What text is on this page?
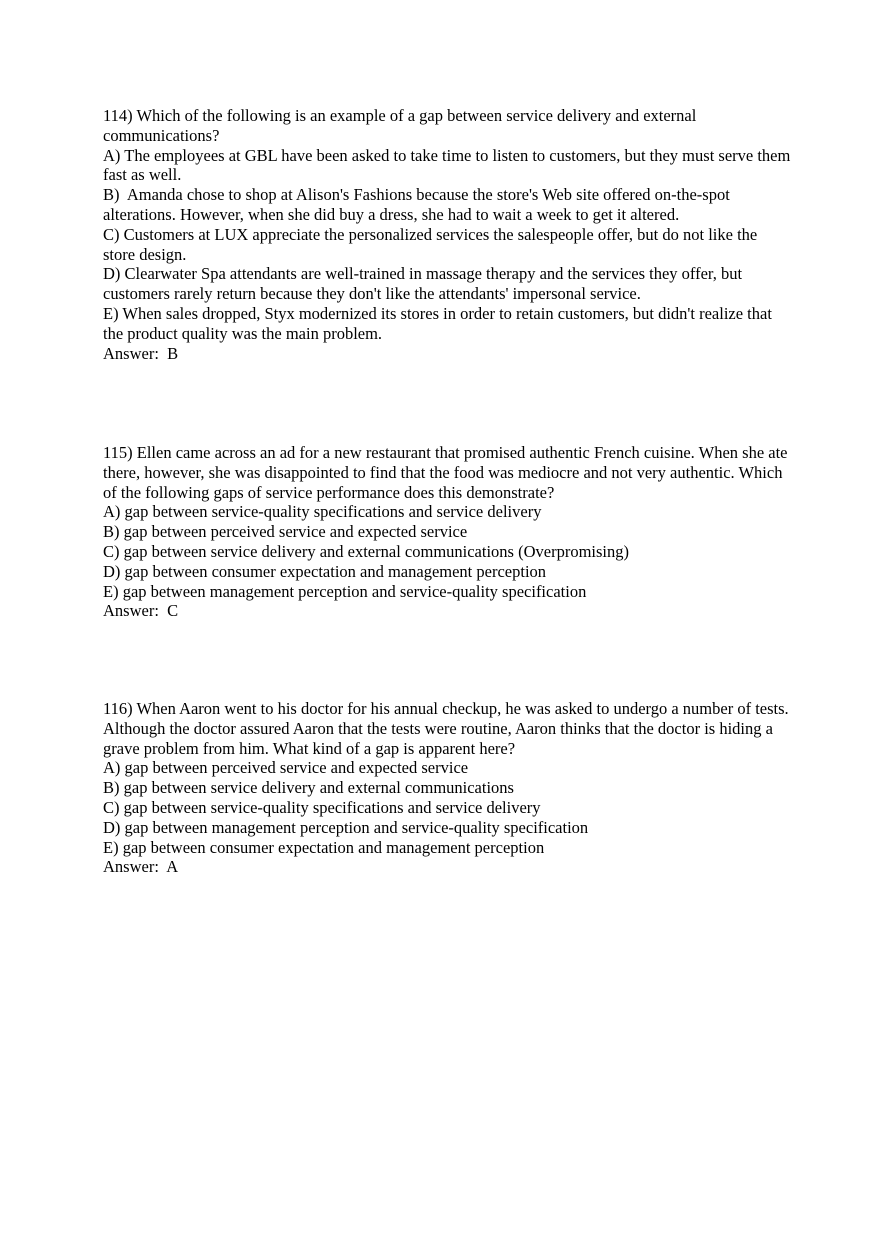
114) Which of the following is an example of a gap between service delivery and external communications?
A) The employees at GBL have been asked to take time to listen to customers, but they must serve them fast as well.
B)  Amanda chose to shop at Alison's Fashions because the store's Web site offered on-the-spot alterations. However, when she did buy a dress, she had to wait a week to get it altered.
C) Customers at LUX appreciate the personalized services the salespeople offer, but do not like the store design.
D) Clearwater Spa attendants are well-trained in massage therapy and the services they offer, but customers rarely return because they don't like the attendants' impersonal service.
E) When sales dropped, Styx modernized its stores in order to retain customers, but didn't realize that the product quality was the main problem.
Answer:  B
115) Ellen came across an ad for a new restaurant that promised authentic French cuisine. When she ate there, however, she was disappointed to find that the food was mediocre and not very authentic. Which of the following gaps of service performance does this demonstrate?
A) gap between service-quality specifications and service delivery
B) gap between perceived service and expected service
C) gap between service delivery and external communications (Overpromising)
D) gap between consumer expectation and management perception
E) gap between management perception and service-quality specification
Answer:  C
116) When Aaron went to his doctor for his annual checkup, he was asked to undergo a number of tests. Although the doctor assured Aaron that the tests were routine, Aaron thinks that the doctor is hiding a grave problem from him. What kind of a gap is apparent here?
A) gap between perceived service and expected service
B) gap between service delivery and external communications
C) gap between service-quality specifications and service delivery
D) gap between management perception and service-quality specification
E) gap between consumer expectation and management perception
Answer:  A
